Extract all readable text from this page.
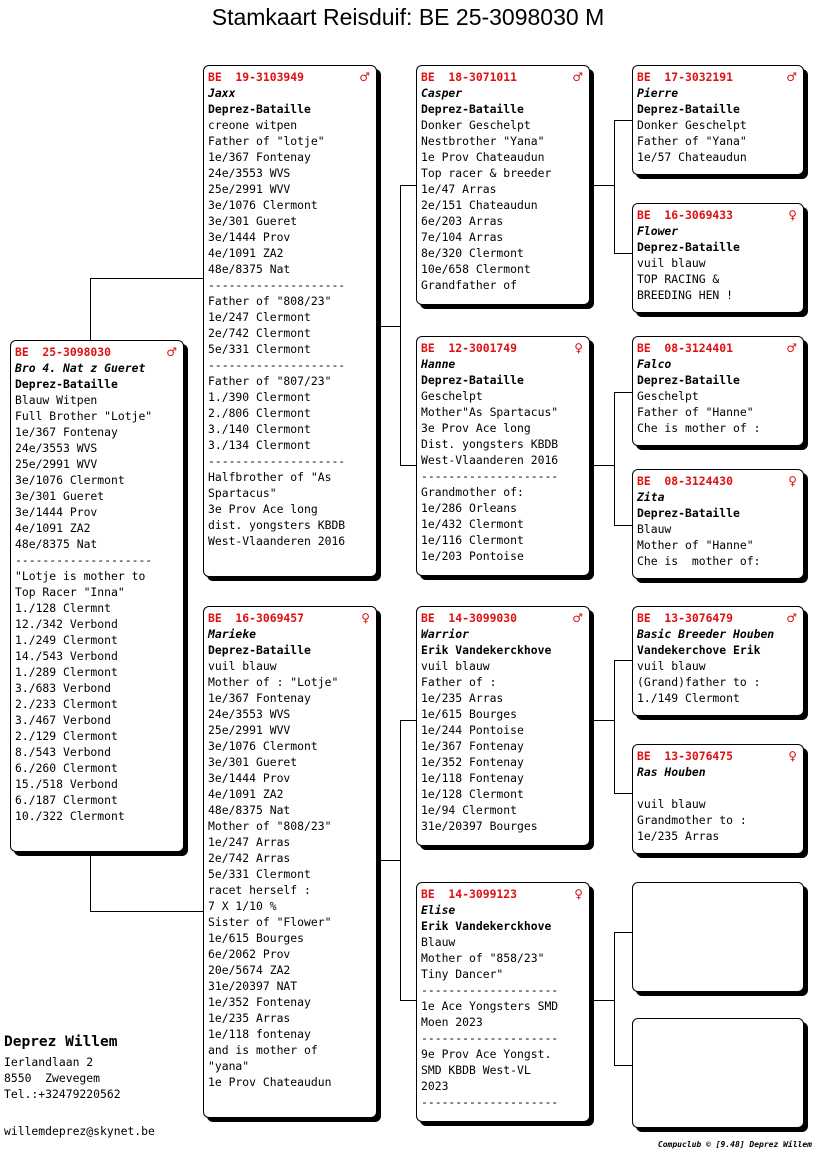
Stamkaart Reisduif: BE 25-3098030 M
BE  25-3098030	♂
Bro 4. Nat z Gueret
Deprez-Bataille
Blauw Witpen
Full Brother "Lotje"
1e/367 Fontenay
24e/3553 WVS
25e/2991 WVV
3e/1076 Clermont
3e/301 Gueret
3e/1444 Prov
4e/1091 ZA2
48e/8375 Nat
--------------------
"Lotje is mother to
Top Racer "Inna"
1./128 Clermnt
12./342 Verbond
1./249 Clermont
14./543 Verbond
1./289 Clermont
3./683 Verbond
2./233 Clermont
3./467 Verbond
2./129 Clermont
8./543 Verbond
6./260 Clermont
15./518 Verbond
6./187 Clermont
10./322 Clermont
BE  19-3103949	♂
Jaxx
Deprez-Bataille
creone witpen
Father of "lotje"
1e/367 Fontenay
24e/3553 WVS
25e/2991 WVV
3e/1076 Clermont
3e/301 Gueret
3e/1444 Prov
4e/1091 ZA2
48e/8375 Nat
--------------------
Father of "808/23"
1e/247 Clermont
2e/742 Clermont
5e/331 Clermont
--------------------
Father of "807/23"
1./390 Clermont
2./806 Clermont
3./140 Clermont
3./134 Clermont
--------------------
Halfbrother of "As
Spartacus"
3e Prov Ace long
dist. yongsters KBDB
West-Vlaanderen 2016
BE  16-3069457	♀
Marieke
Deprez-Bataille
vuil blauw
Mother of : "Lotje"
1e/367 Fontenay
24e/3553 WVS
25e/2991 WVV
3e/1076 Clermont
3e/301 Gueret
3e/1444 Prov
4e/1091 ZA2
48e/8375 Nat
Mother of "808/23"
1e/247 Arras
2e/742 Arras
5e/331 Clermont
racet herself :
7 X 1/10 %
Sister of "Flower"
1e/615 Bourges
6e/2062 Prov
20e/5674 ZA2
31e/20397 NAT
1e/352 Fontenay
1e/235 Arras
1e/118 fontenay
and is mother of
"yana"
1e Prov Chateaudun
BE  18-3071011	♂
Casper
Deprez-Bataille
Donker Geschelpt
Nestbrother "Yana"
1e Prov Chateaudun
Top racer & breeder
1e/47 Arras
2e/151 Chateaudun
6e/203 Arras
7e/104 Arras
8e/320 Clermont
10e/658 Clermont
Grandfather of
BE  12-3001749	♀
Hanne
Deprez-Bataille
Geschelpt
Mother"As Spartacus"
3e Prov Ace long
Dist. yongsters KBDB
West-Vlaanderen 2016
--------------------
Grandmother of:
1e/286 Orleans
1e/432 Clermont
1e/116 Clermont
1e/203 Pontoise
BE  14-3099030	♂
Warrior
Erik Vandekerckhove
vuil blauw
Father of :
1e/235 Arras
1e/615 Bourges
1e/244 Pontoise
1e/367 Fontenay
1e/352 Fontenay
1e/118 Fontenay
1e/128 Clermont
1e/94 Clermont
31e/20397 Bourges
BE  14-3099123	♀
Elise
Erik Vandekerckhove
Blauw
Mother of "858/23"
Tiny Dancer"
--------------------
1e Ace Yongsters SMD
Moen 2023
--------------------
9e Prov Ace Yongst.
SMD KBDB West-VL
2023
--------------------
BE  17-3032191	♂
Pierre
Deprez-Bataille
Donker Geschelpt
Father of "Yana"
1e/57 Chateaudun
BE  16-3069433	♀
Flower
Deprez-Bataille
vuil blauw
TOP RACING &
BREEDING HEN !
BE  08-3124401	♂
Falco
Deprez-Bataille
Geschelpt
Father of "Hanne"
Che is mother of :
BE  08-3124430	♀
Zita
Deprez-Bataille
Blauw
Mother of "Hanne"
Che is  mother of:
BE  13-3076479	♂
Basic Breeder Houben
Vandekerchove Erik
vuil blauw
(Grand)father to :
1./149 Clermont
BE  13-3076475	♀
Ras Houben
vuil blauw
Grandmother to :
1e/235 Arras
Deprez Willem
Ierlandlaan 2
8550  Zwevegem
Tel.:+32479220562
willemdeprez@skynet.be
Compuclub © [9.48] Deprez Willem
